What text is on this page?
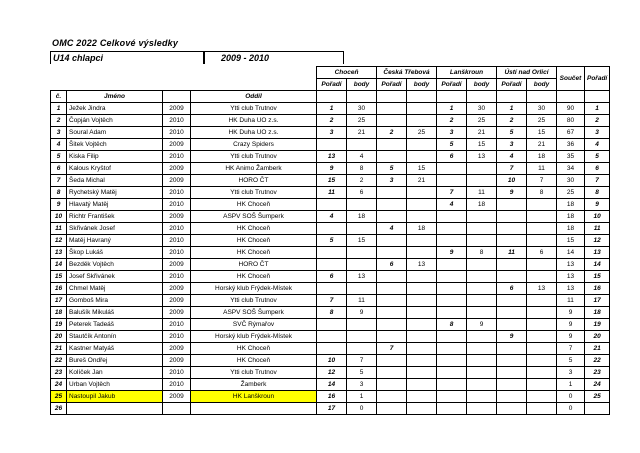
OMC 2022 Celkové výsledky
U14 chlapci	2009 - 2010
				Choceň		Česká Třebová		Lanškroun		Ústí nad Orlicí		Součet	Pořadí
				Pořadí	body	Pořadí	body	Pořadí	body	Pořadí	body		
č.	Jméno		Oddíl										
1	Ježek Jindra	2009	Ytti club Trutnov	1	30			1	30	1	30	90	1
2	Čopján Vojtěch	2010	HK Duha UO z.s.	2	25			2	25	2	25	80	2
3	Soural Adam	2010	HK Duha UO z.s.	3	21	2	25	3	21	5	15	67	3
4	Šitek Vojtěch	2009	Crazy Spiders					5	15	3	21	36	4
5	Kiska Filip	2010	Ytti club Trutnov	13	4			6	13	4	18	35	5
6	Kalous Kryštof	2009	HK Animo Žamberk	9	8	5	15			7	11	34	6
7	Šeda Michal	2009	HORO ČT	15	2	3	21			10	7	30	7
8	Rychetský Matěj	2010	Ytti club Trutnov	11	6			7	11	9	8	25	8
9	Hlavatý Matěj	2010	HK Choceň					4	18			18	9
10	Richtr František	2009	ASPV SOŠ Šumperk	4	18							18	10
11	Skřivánek Josef	2010	HK Choceň			4	18					18	11
12	Matěj Havraný	2010	HK Choceň	5	15							15	12
13	Škop Lukáš	2010	HK Choceň					9	8	11	6	14	13
14	Bezděk Vojtěch	2009	HORO ČT			6	13					13	14
15	Josef Skřivánek	2010	HK Choceň	6	13							13	15
16	Chmel Matěj	2009	Horský klub Frýdek-Místek							6	13	13	16
17	Gomboš Mira	2009	Ytti club Trutnov	7	11							11	17
18	Balušík Mikuláš	2009	ASPV SOŠ Šumperk	8	9							9	18
19	Peterek Tadeáš	2010	SVČ Rýmařov					8	9			9	19
20	Stautčík Antonín	2010	Horský klub Frýdek-Místek							9		9	20
21	Kastner Matyáš	2009	HK Choceň			7						7	21
22	Bureš Ondřej	2009	HK Choceň	10	7							5	22
23	Kolíček Jan	2010	Ytti club Trutnov	12	5							3	23
24	Urban Vojtěch	2010	Žamberk	14	3							1	24
25	Nastoupil Jakub	2009	HK Lanškroun	16	1							0	25
26				17	0							0	
